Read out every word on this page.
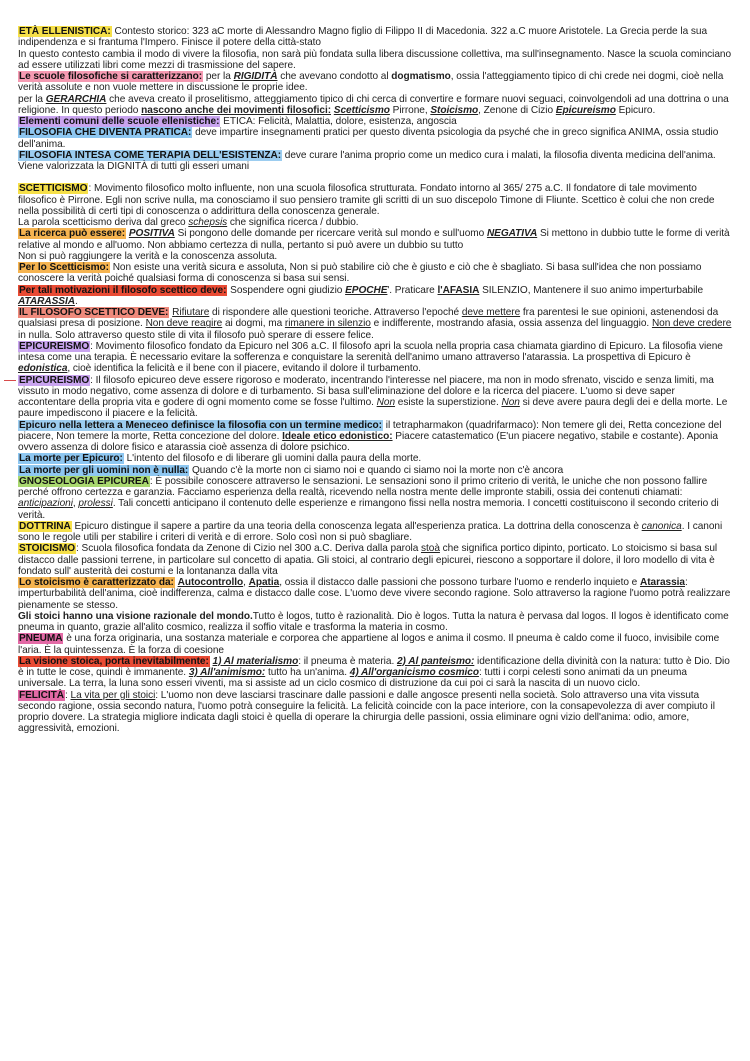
ETÀ ELLENISTICA: Contesto storico: 323 aC morte di Alessandro Magno figlio di Filippo II di Macedonia. 322 a.C muore Aristotele. La Grecia perde la sua indipendenza e si frantuma l'Impero. Finisce il potere della città-stato

In questo contesto cambia il modo di vivere la filosofia, non sarà più fondata sulla libera discussione collettiva, ma sull'insegnamento. Nasce la scuola cominciano ad essere utilizzati libri come mezzi di trasmissione del sapere.

Le scuole filosofiche si caratterizzano: per la RIGIDITÀ che avevano condotto al dogmatismo, ossia l'atteggiamento tipico di chi crede nei dogmi, cioè nella verità assolute e non vuole mettere in discussione le proprie idee.

per la GERARCHIA che aveva creato il proselitismo, atteggiamento tipico di chi cerca di convertire e formare nuovi seguaci, coinvolgendoli ad una dottrina o una religione. In questo periodo nascono anche dei movimenti filosofici: Scetticismo Pirrone, Stoicismo, Zenone di Cizio Epicureismo Epicuro.

Elementi comuni delle scuole ellenistiche: ETICA: Felicità, Malattia, dolore, esistenza, angoscia

FILOSOFIA CHE DIVENTA PRATICA: deve impartire insegnamenti pratici per questo diventa psicologia da psyché che in greco significa ANIMA, ossia studio dell'anima.

FILOSOFIA INTESA COME TERAPIA DELL'ESISTENZA: deve curare l'anima proprio come un medico cura i malati, la filosofia diventa medicina dell'anima. Viene valorizzata la DIGNITÀ di tutti gli esseri umani

SCETTICISMO: Movimento filosofico molto influente, non una scuola filosofica strutturata. Fondato intorno al 365/ 275 a.C. Il fondatore di tale movimento filosofico è Pirrone. Egli non scrive nulla, ma conosciamo il suo pensiero tramite gli scritti di un suo discepolo Timone di Fliunte. Scettico è colui che non crede nella possibilità di certi tipi di conoscenza o addirittura della conoscenza generale.

La parola scetticismo deriva dal greco schepsis che significa ricerca / dubbio.

La ricerca può essere: POSITIVA Si pongono delle domande per ricercare verità sul mondo e sull'uomo NEGATIVA Si mettono in dubbio tutte le forme di verità relative al mondo e all'uomo. Non abbiamo certezza di nulla, pertanto si può avere un dubbio su tutto

Non si può raggiungere la verità e la conoscenza assoluta.

Per lo Scetticismo: Non esiste una verità sicura e assoluta, Non si può stabilire ciò che è giusto e ciò che è sbagliato. Si basa sull'idea che non possiamo conoscere la verità poiché qualsiasi forma di conoscenza si basa sui sensi.

Per tali motivazioni il filosofo scettico deve: Sospendere ogni giudizio EPOCHE'. Praticare l'AFASIA SILENZIO, Mantenere il suo animo imperturbabile ATARASSIA.

IL FILOSOFO SCETTICO DEVE: Rifiutare di rispondere alle questioni teoriche. Attraverso l'epoché deve mettere fra parentesi le sue opinioni, astenendosi da qualsiasi presa di posizione. Non deve reagire ai dogmi, ma rimanere in silenzio e indifferente, mostrando afasia, ossia assenza del linguaggio. Non deve credere in nulla. Solo attraverso questo stile di vita il filosofo può sperare di essere felice.

EPICUREISMO: Movimento filosofico fondato da Epicuro nel 306 a.C. Il filosofo apri la scuola nella propria casa chiamata giardino di Epicuro. La filosofia viene intesa come una terapia. È necessario evitare la sofferenza e conquistare la serenità dell'animo umano attraverso l'atarassia. La prospettiva di Epicuro è edonistica, cioè identifica la felicità e il bene con il piacere, evitando il dolore il turbamento.

EPICUREISMO: Il filosofo epicureo deve essere rigoroso e moderato, incentrando l'interesse nel piacere, ma non in modo sfrenato, viscido e senza limiti, ma vissuto in modo negativo, come assenza di dolore e di turbamento. Si basa sull'eliminazione del dolore e la ricerca del piacere. L'uomo si deve saper accontentare della propria vita e godere di ogni momento come se fosse l'ultimo. Non esiste la superstizione. Non si deve avere paura degli dei e della morte. Le paure impediscono il piacere e la felicità.

Epicuro nella lettera a Meneceo definisce la filosofia con un termine medico: il tetrapharmakon (quadrifarmaco): Non temere gli dei, Retta concezione del piacere, Non temere la morte, Retta concezione del dolore. Ideale etico edonistico: Piacere catastematico (E'un piacere negativo, stabile e costante). Aponia ovvero assenza di dolore fisico e atarassia cioè assenza di dolore psichico.

La morte per Epicuro: L'intento del filosofo e di liberare gli uomini dalla paura della morte.

La morte per gli uomini non è nulla: Quando c'è la morte non ci siamo noi e quando ci siamo noi la morte non c'è ancora

GNOSEOLOGIA EPICUREA: È possibile conoscere attraverso le sensazioni. Le sensazioni sono il primo criterio di verità, le uniche che non possono fallire perché offrono certezza e garanzia. Facciamo esperienza della realtà, ricevendo nella nostra mente delle impronte stabili, ossia dei contenuti chiamati: anticipazioni, prolessi. Tali concetti anticipano il contenuto delle esperienze e rimangono fissi nella nostra memoria. I concetti costituiscono il secondo criterio di verità.

DOTTRINA Epicuro distingue il sapere a partire da una teoria della conoscenza legata all'esperienza pratica. La dottrina della conoscenza è canonica. I canoni sono le regole utili per stabilire i criteri di verità e di errore. Solo così non si può sbagliare.

STOICISMO: Scuola filosofica fondata da Zenone di Cizio nel 300 a.C. Deriva dalla parola stoà che significa portico dipinto, porticato. Lo stoicismo si basa sul distacco dalle passioni terrene, in particolare sul concetto di apatia. Gli stoici, al contrario degli epicurei, riescono a sopportare il dolore, il loro modello di vita è fondato sull' austerità dei costumi e la lontananza dalla vita

Lo stoicismo è caratterizzato da: Autocontrollo, Apatia, ossia il distacco dalle passioni che possono turbare l'uomo e renderlo inquieto e Atarassia: imperturbabilità dell'anima, cioè indifferenza, calma e distacco dalle cose. L'uomo deve vivere secondo ragione. Solo attraverso la ragione l'uomo potrà realizzare pienamente se stesso.

Gli stoici hanno una visione razionale del mondo.Tutto è logos, tutto è razionalità. Dio è logos. Tutta la natura è pervasa dal logos. Il logos è identificato come pneuma in quanto, grazie all'alito cosmico, realizza il soffio vitale e trasforma la materia in cosmo.

PNEUMA è una forza originaria, una sostanza materiale e corporea che appartiene al logos e anima il cosmo. Il pneuma è caldo come il fuoco, invisibile come l'aria. È la quintessenza. È la forza di coesione

La visione stoica, porta inevitabilmente: 1) Al materialismo: il pneuma è materia. 2) Al panteismo: identificazione della divinità con la natura: tutto è Dio. Dio è in tutte le cose, quindi è immanente. 3) All'animismo: tutto ha un'anima. 4) All'organicismo cosmico: tutti i corpi celesti sono animati da un pneuma universale. La terra, la luna sono esseri viventi, ma si assiste ad un ciclo cosmico di distruzione da cui poi ci sarà la nascita di un nuovo ciclo.

FELICITÀ: La vita per gli stoici: L'uomo non deve lasciarsi trascinare dalle passioni e dalle angosce presenti nella società. Solo attraverso una vita vissuta secondo ragione, ossia secondo natura, l'uomo potrà conseguire la felicità. La felicità coincide con la pace interiore, con la consapevolezza di aver compiuto il proprio dovere. La strategia migliore indicata dagli stoici è quella di operare la chirurgia delle passioni, ossia eliminare ogni vizio dell'anima: odio, amore, aggressività, emozioni.
